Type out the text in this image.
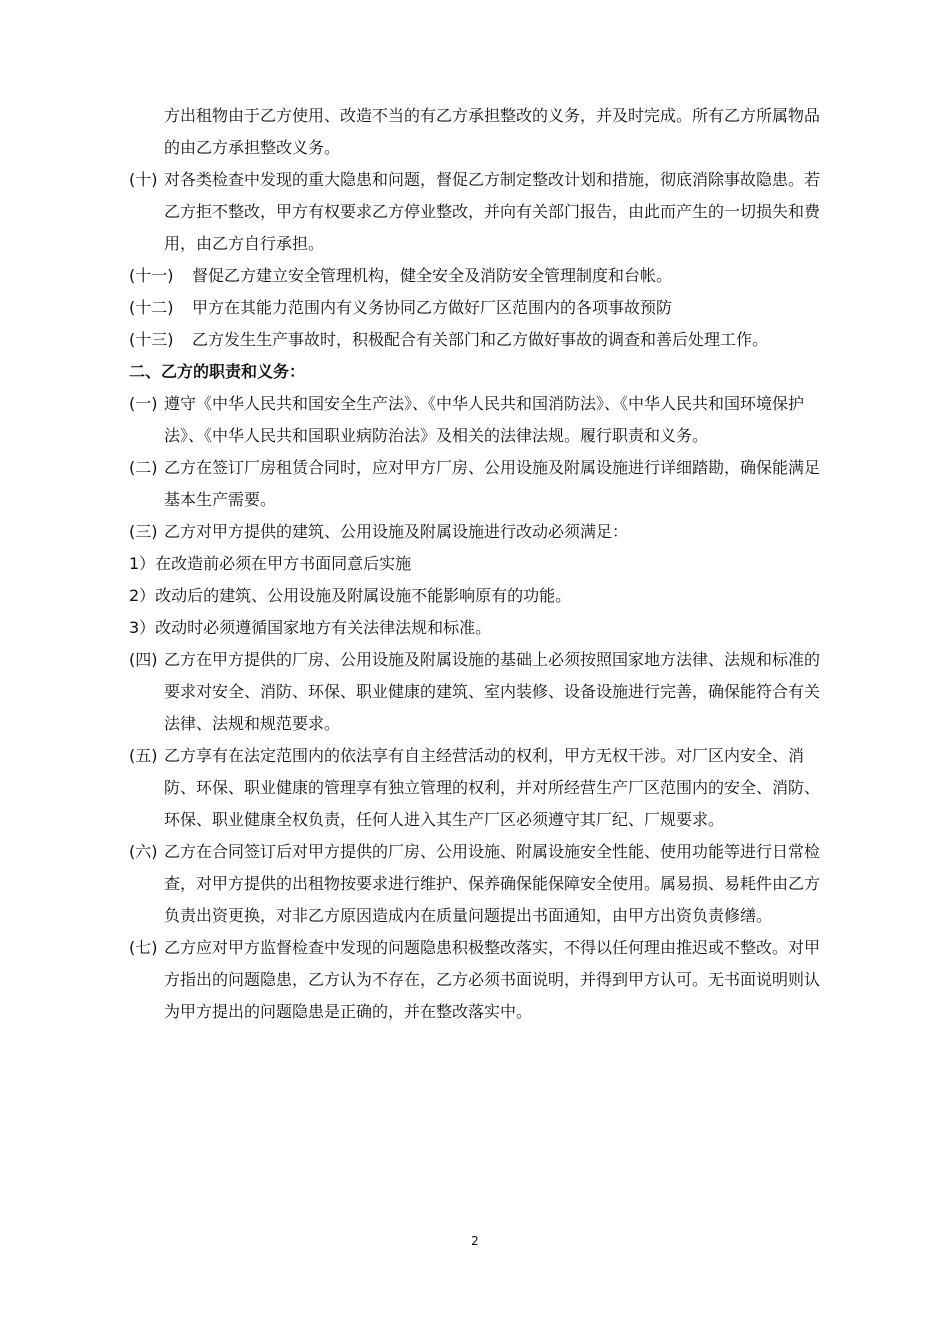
方出租物由于乙方使用、改造不当的有乙方承担整改的义务，并及时完成。所有乙方所属物品的由乙方承担整改义务。

(十) 对各类检查中发现的重大隐患和问题，督促乙方制定整改计划和措施，彻底消除事故隐患。若乙方拒不整改，甲方有权要求乙方停业整改，并向有关部门报告，由此而产生的一切损失和费用，由乙方自行承担。
(十一) 督促乙方建立安全管理机构，健全安全及消防安全管理制度和台帐。
(十二) 甲方在其能力范围内有义务协同乙方做好厂区范围内的各项事故预防
(十三) 乙方发生生产事故时，积极配合有关部门和乙方做好事故的调查和善后处理工作。

二、乙方的职责和义务：

(一) 遵守《中华人民共和国安全生产法》、《中华人民共和国消防法》、《中华人民共和国环境保护法》、《中华人民共和国职业病防治法》及相关的法律法规。履行职责和义务。
(二) 乙方在签订厂房租赁合同时，应对甲方厂房、公用设施及附属设施进行详细踏勘，确保能满足基本生产需要。
(三) 乙方对甲方提供的建筑、公用设施及附属设施进行改动必须满足：

1）在改造前必须在甲方书面同意后实施

2）改动后的建筑、公用设施及附属设施不能影响原有的功能。

3）改动时必须遵循国家地方有关法律法规和标准。

(四) 乙方在甲方提供的厂房、公用设施及附属设施的基础上必须按照国家地方法律、法规和标准的要求对安全、消防、环保、职业健康的建筑、室内装修、设备设施进行完善，确保能符合有关法律、法规和规范要求。
(五) 乙方享有在法定范围内的依法享有自主经营活动的权利，甲方无权干涉。对厂区内安全、消防、环保、职业健康的管理享有独立管理的权利，并对所经营生产厂区范围内的安全、消防、环保、职业健康全权负责，任何人进入其生产厂区必须遵守其厂纪、厂规要求。
(六) 乙方在合同签订后对甲方提供的厂房、公用设施、附属设施安全性能、使用功能等进行日常检查，对甲方提供的出租物按要求进行维护、保养确保能保障安全使用。属易损、易耗件由乙方负责出资更换，对非乙方原因造成内在质量问题提出书面通知，由甲方出资负责修缮。
(七) 乙方应对甲方监督检查中发现的问题隐患积极整改落实，不得以任何理由推迟或不整改。对甲方指出的问题隐患，乙方认为不存在，乙方必须书面说明，并得到甲方认可。无书面说明则认为甲方提出的问题隐患是正确的，并在整改落实中。
2
